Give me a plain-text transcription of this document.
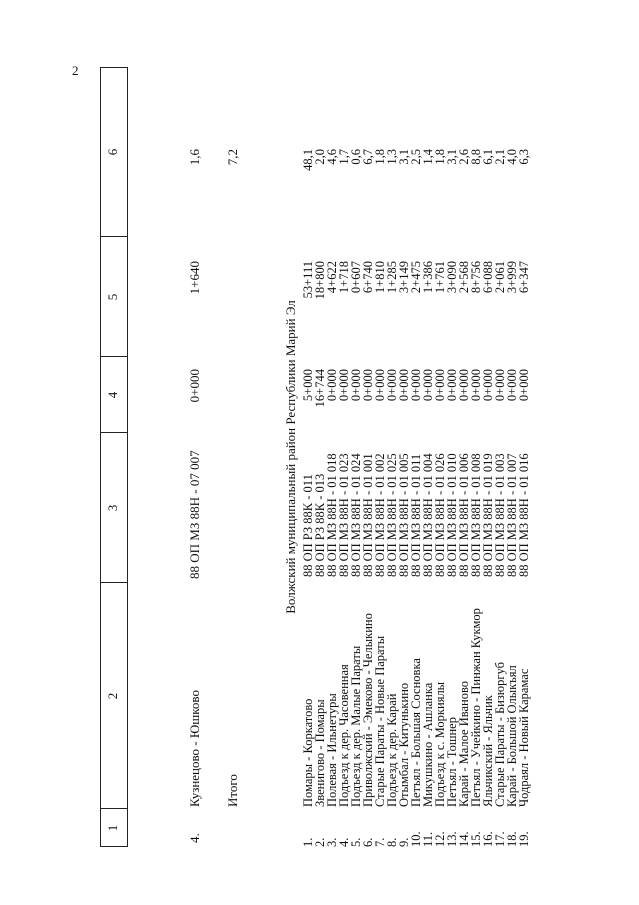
2
1
2
3
4
5
6
4.
Кузнецово - Юшково
88 ОП МЗ 88Н - 07 007
0+000
1+640
1,6
Итого
7,2
Волжский муниципальный район Республики Марий Эл
1.
Помары - Коркатово
88 ОП РЗ 88К - 011
5+000
53+111
48,1
2.
Звенигово - Помары
88 ОП РЗ 88К - 013
16+744
18+800
2,0
3.
Полевая - Ильнетуры
88 ОП МЗ 88Н - 01 018
0+000
4+622
4,6
4.
Подъезд к дер. Часовенная
88 ОП МЗ 88Н - 01 023
0+000
1+718
1,7
5.
Подъезд к дер. Малые Параты
88 ОП МЗ 88Н - 01 024
0+000
0+607
0,6
6.
Приволжский - Эмеково - Челыкино
88 ОП МЗ 88Н - 01 001
0+000
6+740
6,7
7.
Старые Параты - Новые Параты
88 ОП МЗ 88Н - 01 002
0+000
1+810
1,8
8.
Подъезд к дер. Карай
88 ОП МЗ 88Н - 01 025
0+000
1+285
1,3
9.
Отымбал - Китунькино
88 ОП МЗ 88Н - 01 005
0+000
3+149
3,1
10.
Петъял - Большая Сосновка
88 ОП МЗ 88Н - 01 011
0+000
2+475
2,5
11.
Микушкино - Ашланка
88 ОП МЗ 88Н - 01 004
0+000
1+386
1,4
12.
Подъезд к с. Моркиялы
88 ОП МЗ 88Н - 01 026
0+000
1+761
1,8
13.
Петъял - Тошнер
88 ОП МЗ 88Н - 01 010
0+000
3+090
3,1
14.
Карай - Малое Иваново
88 ОП МЗ 88Н - 01 006
0+000
2+568
2,6
15.
Петъял - Учейкино - Пинжан Кукмор
88 ОП МЗ 88Н - 01 008
0+000
8+756
8,8
16.
Яльчикский - Яльчик
88 ОП МЗ 88Н - 01 019
0+000
6+088
6,1
17.
Старые Параты - Бизюргуб
88 ОП МЗ 88Н - 01 003
0+000
2+061
2,1
18.
Карай - Большой Олыкъял
88 ОП МЗ 88Н - 01 007
0+000
3+999
4,0
19.
Чодраял - Новый Карамас
88 ОП МЗ 88Н - 01 016
0+000
6+347
6,3
